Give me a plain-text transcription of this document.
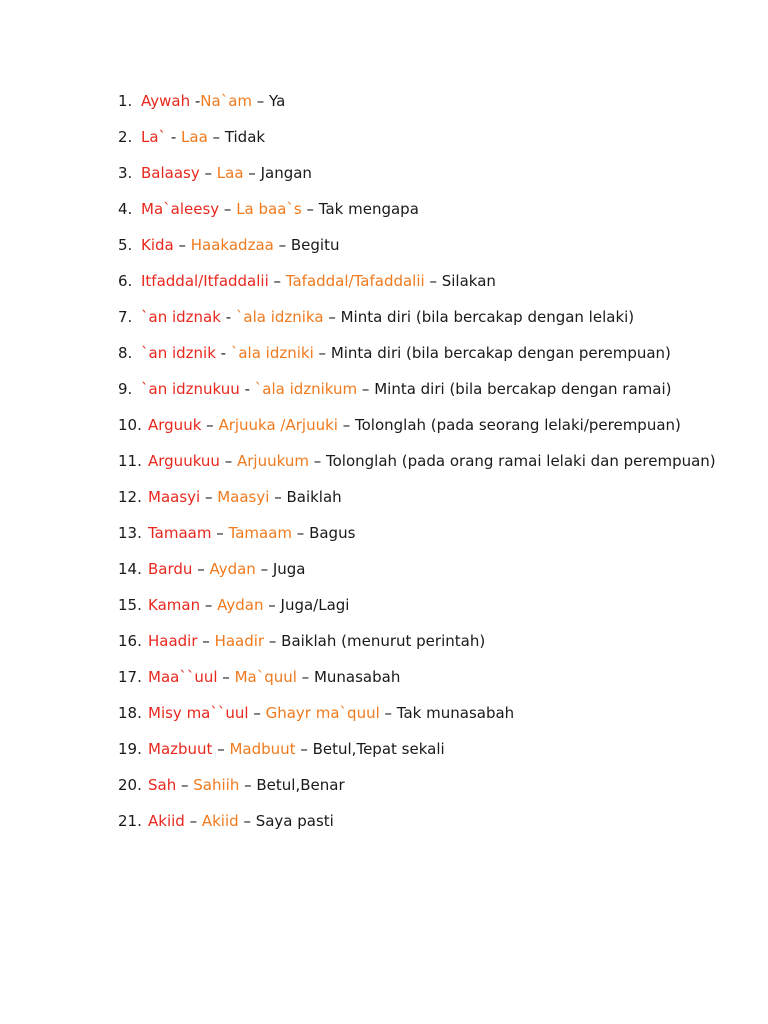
1. Aywah -Na`am – Ya
2. La` - Laa – Tidak
3. Balaasy – Laa – Jangan
4. Ma`aleesy – La baa`s – Tak mengapa
5. Kida – Haakadzaa – Begitu
6. Itfaddal/Itfaddalii – Tafaddal/Tafaddalii – Silakan
7. `an idznak - `ala idznika – Minta diri (bila bercakap dengan lelaki)
8. `an idznik - `ala idzniki – Minta diri (bila bercakap dengan perempuan)
9. `an idznukuu - `ala idznikum – Minta diri (bila bercakap dengan ramai)
10. Arguuk – Arjuuka /Arjuuki – Tolonglah (pada seorang lelaki/perempuan)
11. Arguukuu – Arjuukum – Tolonglah (pada orang ramai lelaki dan perempuan)
12. Maasyi – Maasyi – Baiklah
13. Tamaam – Tamaam – Bagus
14. Bardu – Aydan – Juga
15. Kaman – Aydan – Juga/Lagi
16. Haadir – Haadir – Baiklah (menurut perintah)
17. Maa``uul – Ma`quul – Munasabah
18. Misy ma``uul – Ghayr ma`quul – Tak munasabah
19. Mazbuut – Madbuut – Betul,Tepat sekali
20. Sah – Sahiih – Betul,Benar
21. Akiid – Akiid – Saya pasti
